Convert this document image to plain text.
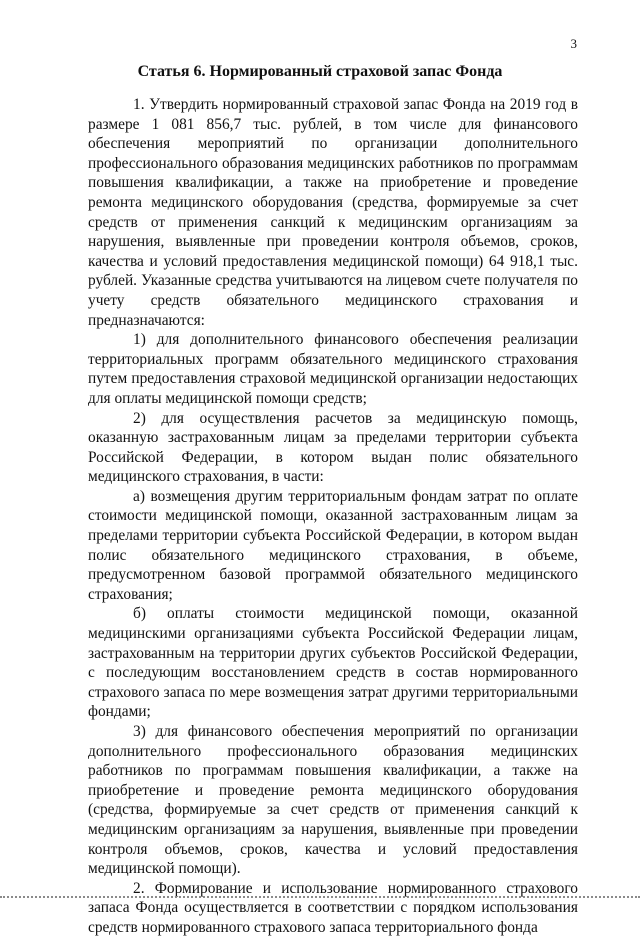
3
Статья 6. Нормированный страховой запас Фонда

1. Утвердить нормированный страховой запас Фонда на 2019 год в размере 1 081 856,7 тыс. рублей, в том числе для финансового обеспечения мероприятий по организации дополнительного профессионального образования медицинских работников по программам повышения квалификации, а также на приобретение и проведение ремонта медицинского оборудования (средства, формируемые за счет средств от применения санкций к медицинским организациям за нарушения, выявленные при проведении контроля объемов, сроков, качества и условий предоставления медицинской помощи) 64 918,1 тыс. рублей. Указанные средства учитываются на лицевом счете получателя по учету средств обязательного медицинского страхования и предназначаются:

1) для дополнительного финансового обеспечения реализации территориальных программ обязательного медицинского страхования путем предоставления страховой медицинской организации недостающих для оплаты медицинской помощи средств;

2) для осуществления расчетов за медицинскую помощь, оказанную застрахованным лицам за пределами территории субъекта Российской Федерации, в котором выдан полис обязательного медицинского страхования, в части:

а) возмещения другим территориальным фондам затрат по оплате стоимости медицинской помощи, оказанной застрахованным лицам за пределами территории субъекта Российской Федерации, в котором выдан полис обязательного медицинского страхования, в объеме, предусмотренном базовой программой обязательного медицинского страхования;

б) оплаты стоимости медицинской помощи, оказанной медицинскими организациями субъекта Российской Федерации лицам, застрахованным на территории других субъектов Российской Федерации, с последующим восстановлением средств в состав нормированного страхового запаса по мере возмещения затрат другими территориальными фондами;

3) для финансового обеспечения мероприятий по организации дополнительного профессионального образования медицинских работников по программам повышения квалификации, а также на приобретение и проведение ремонта медицинского оборудования (средства, формируемые за счет средств от применения санкций к медицинским организациям за нарушения, выявленные при проведении контроля объемов, сроков, качества и условий предоставления медицинской помощи).

2. Формирование и использование нормированного страхового запаса Фонда осуществляется в соответствии с порядком использования средств нормированного страхового запаса территориального фонда
